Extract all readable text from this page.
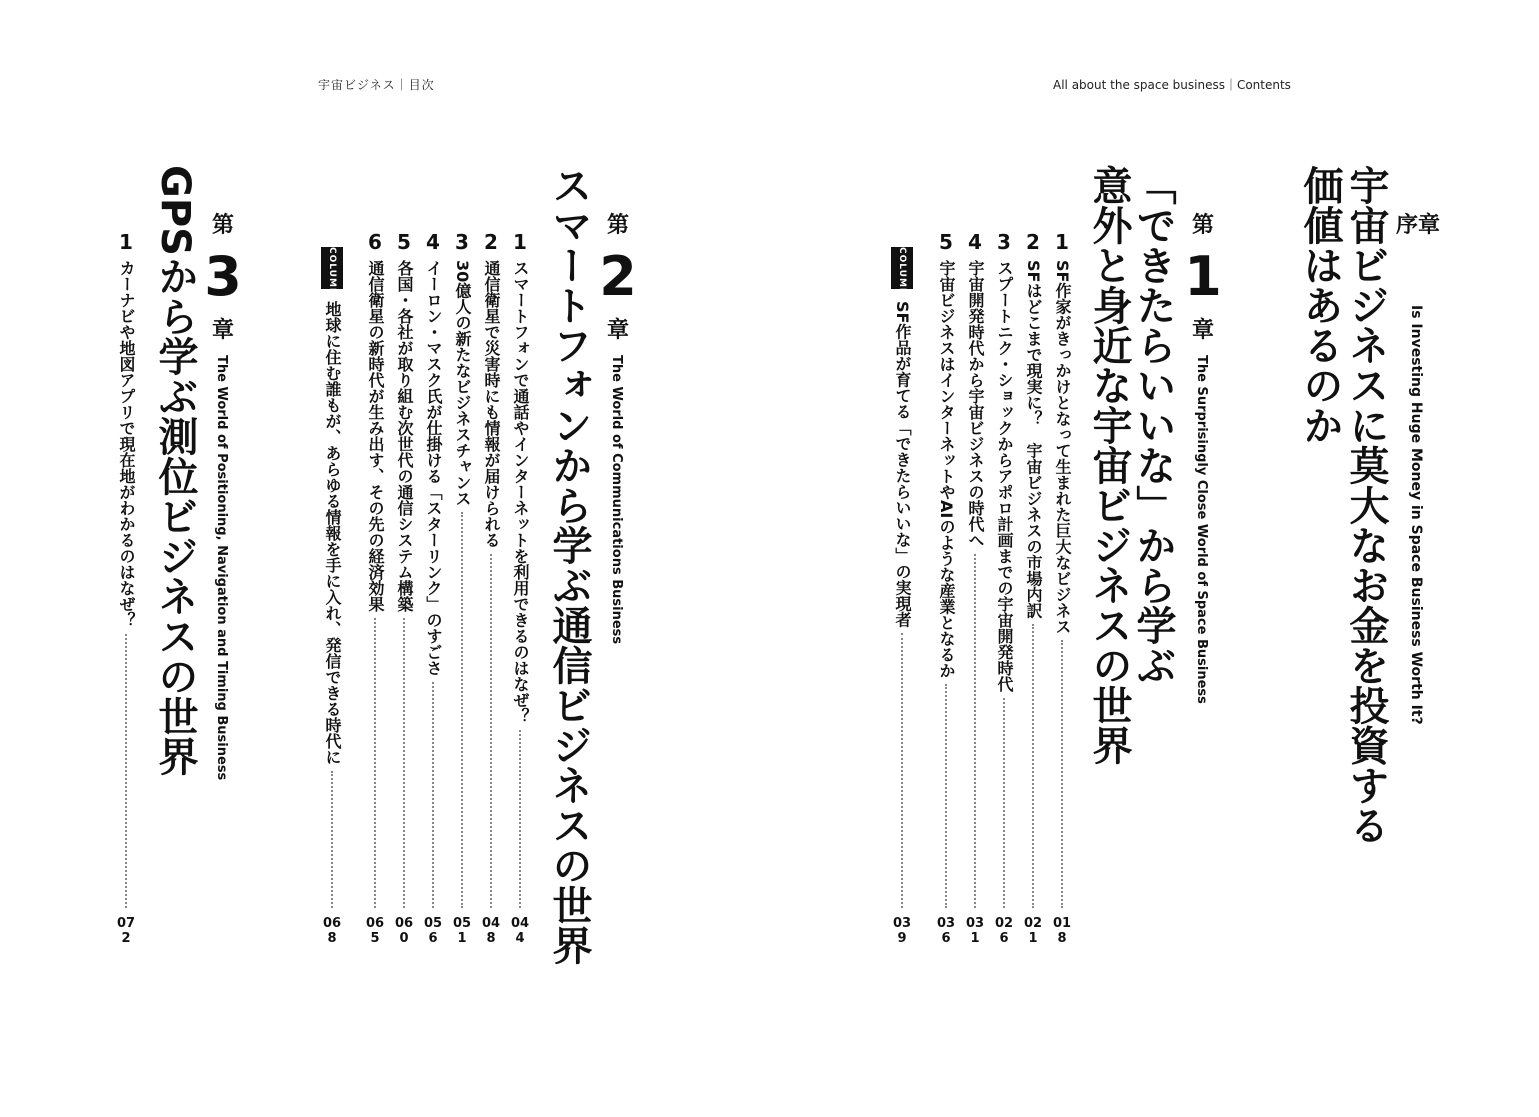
宇宙ビジネス｜目次	All about the space business｜Contents
序章
Is Investing Huge Money in Space Business Worth It?
宇宙ビジネスに莫大なお金を投資する
価値はあるのか
第
1
章
The Surprisingly Close World of Space Business
「できたらいいな」から学ぶ
意外と身近な宇宙ビジネスの世界
1
SF作家がきっかけとなって生まれた巨大なビジネス
018
2
SFはどこまで現実に？　宇宙ビジネスの市場内訳
021
3
スプートニク・ショックからアポロ計画までの宇宙開発時代
026
4
宇宙開発時代から宇宙ビジネスの時代へ
031
5
宇宙ビジネスはインターネットやAIのような産業となるか
036
COLUMN
SF作品が育てる「できたらいいな」の実現者
039
第
2
章
The World of Communications Business
スマートフォンから学ぶ通信ビジネスの世界
1
スマートフォンで通話やインターネットを利用できるのはなぜ？
044
2
通信衛星で災害時にも情報が届けられる
048
3
30億人の新たなビジネスチャンス
051
4
イーロン・マスク氏が仕掛ける「スターリンク」のすごさ
056
5
各国・各社が取り組む次世代の通信システム構築
060
6
通信衛星の新時代が生み出す、その先の経済効果
065
COLUMN
地球に住む誰もが、あらゆる情報を手に入れ、発信できる時代に
068
第
3
章
The World of Positioning, Navigation and Timing Business
GPSから学ぶ測位ビジネスの世界
1
カーナビや地図アプリで現在地がわかるのはなぜ？
072
